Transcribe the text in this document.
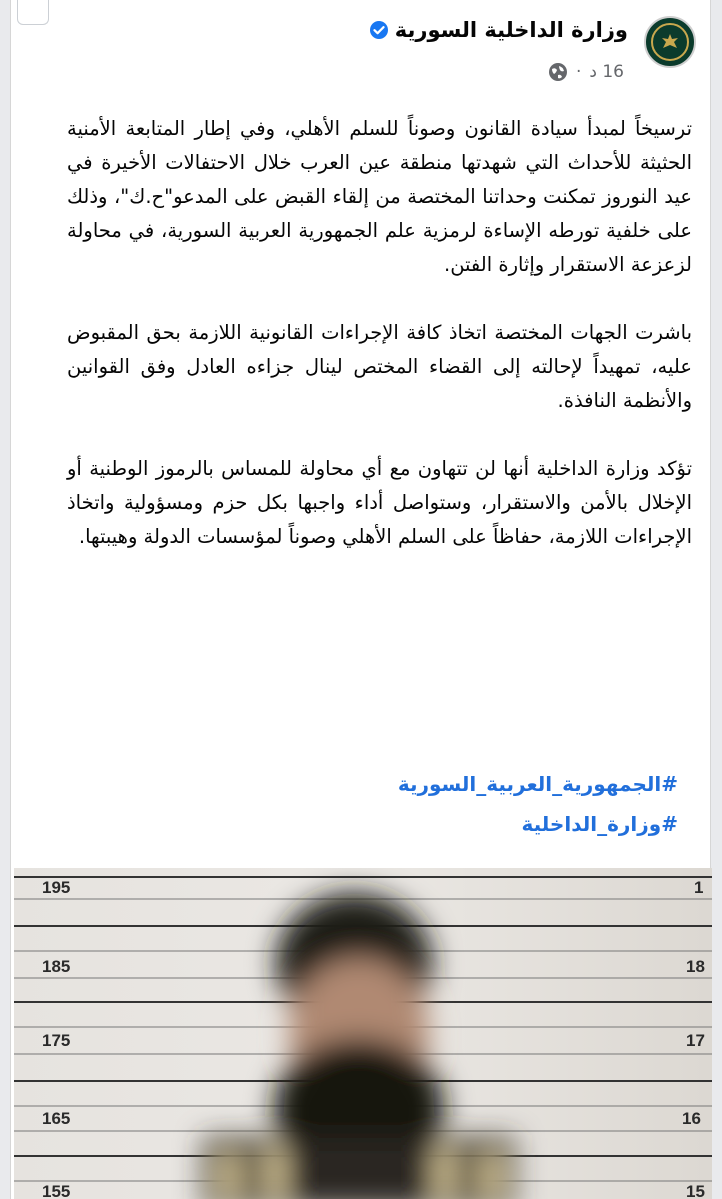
وزارة الداخلية السورية
16 د
·

ترسيخاً لمبدأ سيادة القانون وصوناً للسلم الأهلي، وفي إطار المتابعة الأمنية الحثيثة للأحداث التي شهدتها منطقة عين العرب خلال الاحتفالات الأخيرة في عيد النوروز تمكنت وحداتنا المختصة من إلقاء القبض على المدعو"ح.ك"، وذلك على خلفية تورطه الإساءة لرمزية علم الجمهورية العربية السورية، في محاولة لزعزعة الاستقرار وإثارة الفتن.

باشرت الجهات المختصة اتخاذ كافة الإجراءات القانونية اللازمة بحق المقبوض عليه، تمهيداً لإحالته إلى القضاء المختص لينال جزاءه العادل وفق القوانين والأنظمة النافذة.

تؤكد وزارة الداخلية أنها لن تتهاون مع أي محاولة للمساس بالرموز الوطنية أو الإخلال بالأمن والاستقرار، وستواصل أداء واجبها بكل حزم ومسؤولية واتخاذ الإجراءات اللازمة، حفاظاً على السلم الأهلي وصوناً لمؤسسات الدولة وهيبتها.

#الجمهورية_العربية_السورية
#وزارة_الداخلية
195
185
175
165
155
1
18
17
16
15
